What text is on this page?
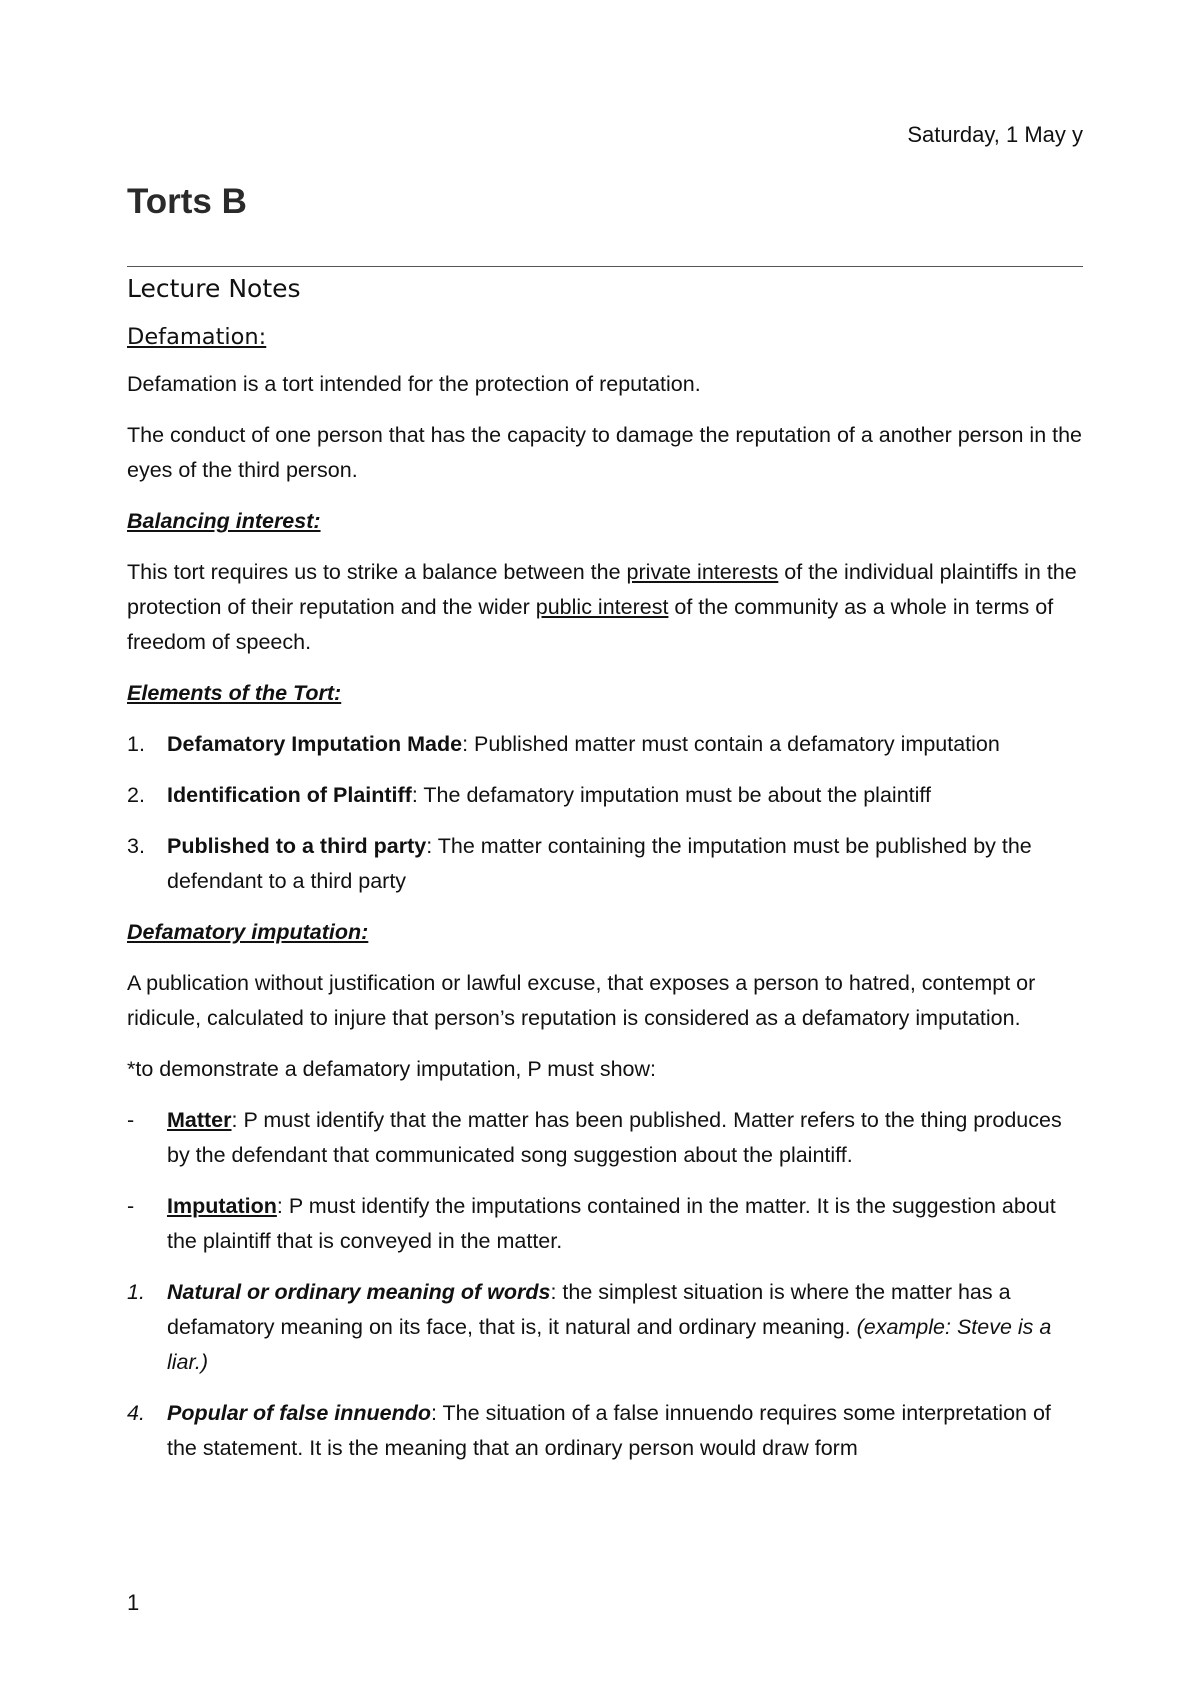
Saturday, 1 May y
Torts B
Lecture Notes
Defamation:

Defamation is a tort intended for the protection of reputation.

The conduct of one person that has the capacity to damage the reputation of a another person in the eyes of the third person.

Balancing interest:

This tort requires us to strike a balance between the private interests of the individual plaintiffs in the protection of their reputation and the wider public interest of the community as a whole in terms of freedom of speech.

Elements of the Tort:

1. Defamatory Imputation Made: Published matter must contain a defamatory imputation
2. Identification of Plaintiff: The defamatory imputation must be about the plaintiff
3. Published to a third party: The matter containing the imputation must be published by the defendant to a third party

Defamatory imputation:

A publication without justification or lawful excuse, that exposes a person to hatred, contempt or ridicule, calculated to injure that person’s reputation is considered as a defamatory imputation.

*to demonstrate a defamatory imputation, P must show:

- Matter: P must identify that the matter has been published. Matter refers to the thing produces by the defendant that communicated song suggestion about the plaintiff.
- Imputation: P must identify the imputations contained in the matter. It is the suggestion about the plaintiff that is conveyed in the matter.
1. Natural or ordinary meaning of words: the simplest situation is where the matter has a defamatory meaning on its face, that is, it natural and ordinary meaning. (example: Steve is a liar.)
4. Popular of false innuendo: The situation of a false innuendo requires some interpretation of the statement. It is the meaning that an ordinary person would draw form
1
